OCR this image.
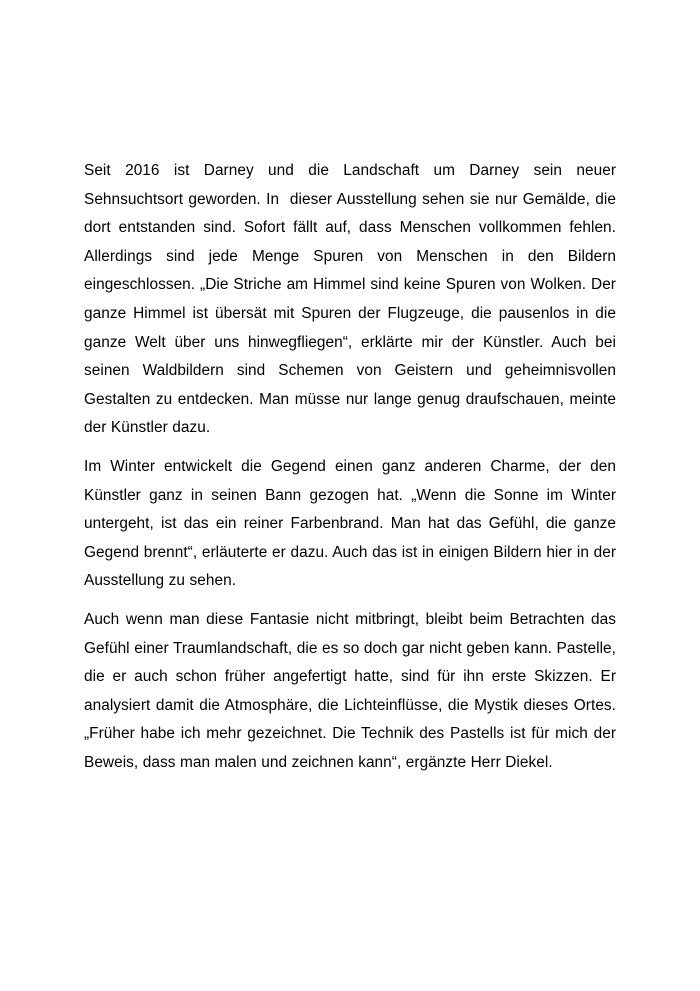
Seit 2016 ist Darney und die Landschaft um Darney sein neuer Sehnsuchtsort geworden. In  dieser Ausstellung sehen sie nur Gemälde, die dort entstanden sind. Sofort fällt auf, dass Menschen vollkommen fehlen. Allerdings sind jede Menge Spuren von Menschen in den Bildern eingeschlossen. „Die Striche am Himmel sind keine Spuren von Wolken. Der ganze Himmel ist übersät mit Spuren der Flugzeuge, die pausenlos in die ganze Welt über uns hinwegfliegen“, erklärte mir der Künstler. Auch bei seinen Waldbildern sind Schemen von Geistern und geheimnisvollen Gestalten zu entdecken. Man müsse nur lange genug draufschauen, meinte der Künstler dazu.

Im Winter entwickelt die Gegend einen ganz anderen Charme, der den Künstler ganz in seinen Bann gezogen hat. „Wenn die Sonne im Winter untergeht, ist das ein reiner Farbenbrand. Man hat das Gefühl, die ganze Gegend brennt“, erläuterte er dazu. Auch das ist in einigen Bildern hier in der Ausstellung zu sehen.

Auch wenn man diese Fantasie nicht mitbringt, bleibt beim Betrachten das Gefühl einer Traumlandschaft, die es so doch gar nicht geben kann. Pastelle, die er auch schon früher angefertigt hatte, sind für ihn erste Skizzen. Er analysiert damit die Atmosphäre, die Lichteinflüsse, die Mystik dieses Ortes. „Früher habe ich mehr gezeichnet. Die Technik des Pastells ist für mich der Beweis, dass man malen und zeichnen kann“, ergänzte Herr Diekel.
